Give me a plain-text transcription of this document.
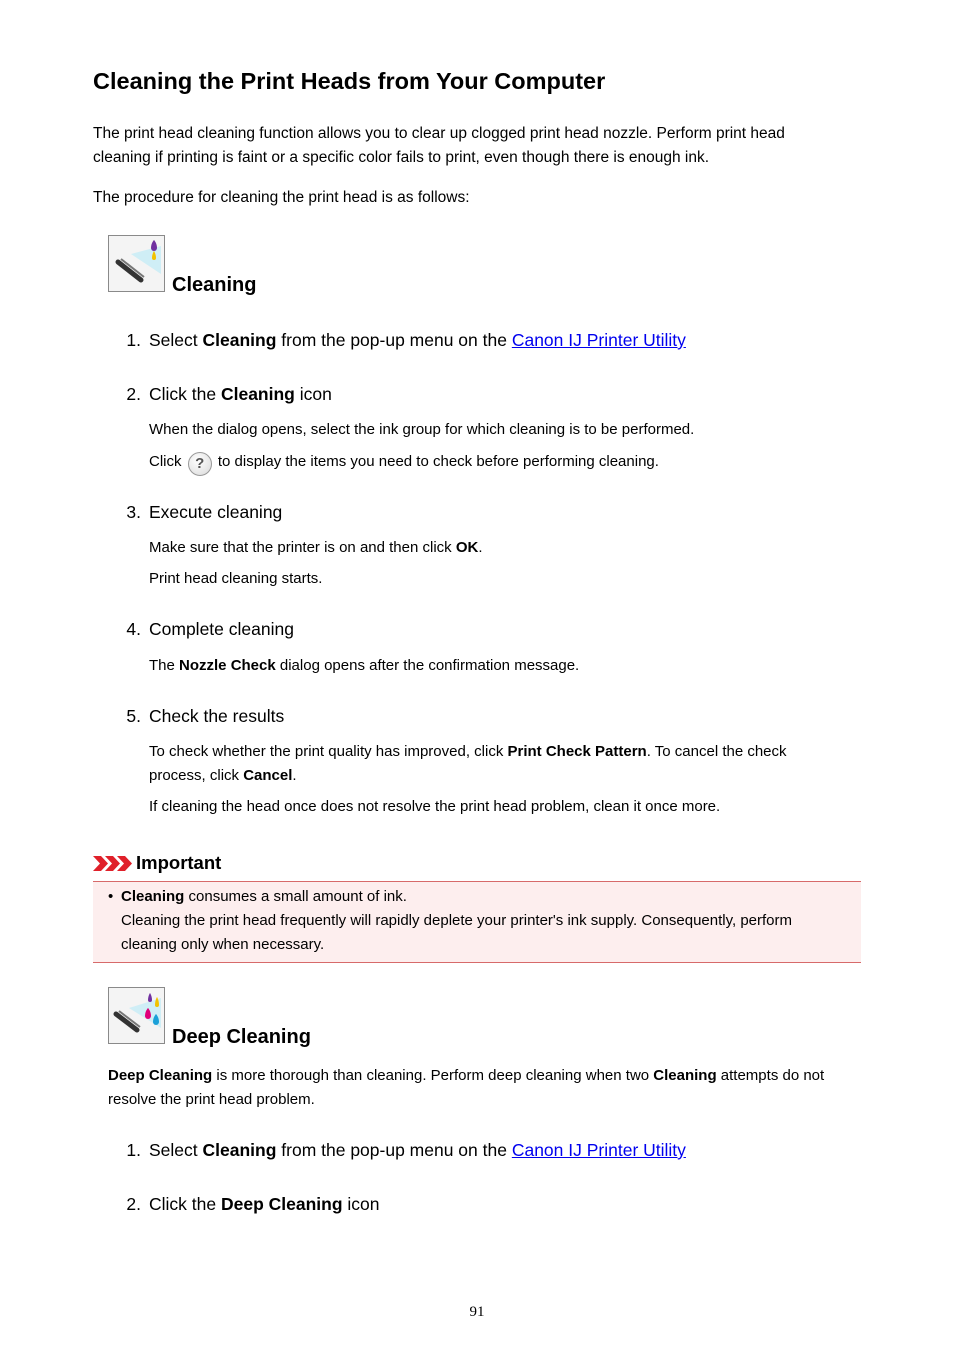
Cleaning the Print Heads from Your Computer

The print head cleaning function allows you to clear up clogged print head nozzle. Perform print head cleaning if printing is faint or a specific color fails to print, even though there is enough ink.

The procedure for cleaning the print head is as follows:

Cleaning
1. Select Cleaning from the pop-up menu on the Canon IJ Printer Utility
2. Click the Cleaning icon
When the dialog opens, select the ink group for which cleaning is to be performed.
Click ? to display the items you need to check before performing cleaning.
3. Execute cleaning
Make sure that the printer is on and then click OK.
Print head cleaning starts.
4. Complete cleaning
The Nozzle Check dialog opens after the confirmation message.
5. Check the results
To check whether the print quality has improved, click Print Check Pattern. To cancel the check process, click Cancel.
If cleaning the head once does not resolve the print head problem, clean it once more.
Important
• Cleaning consumes a small amount of ink.
Cleaning the print head frequently will rapidly deplete your printer's ink supply. Consequently, perform cleaning only when necessary.
Deep Cleaning

Deep Cleaning is more thorough than cleaning. Perform deep cleaning when two Cleaning attempts do not resolve the print head problem.

1. Select Cleaning from the pop-up menu on the Canon IJ Printer Utility
2. Click the Deep Cleaning icon
91
